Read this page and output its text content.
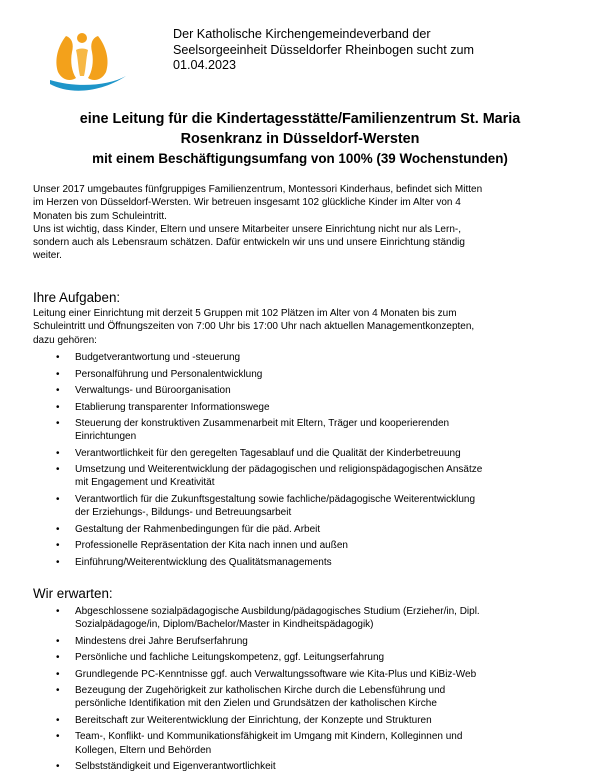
Der Katholische Kirchengemeindeverband der
Seelsorgeeinheit Düsseldorfer Rheinbogen sucht zum
01.04.2023
eine Leitung für die Kindertagesstätte/Familienzentrum St. Maria
Rosenkranz in Düsseldorf-Wersten
mit einem Beschäftigungsumfang von 100% (39 Wochenstunden)
Unser 2017 umgebautes fünfgruppiges Familienzentrum, Montessori Kinderhaus, befindet sich Mitten
im Herzen von Düsseldorf-Wersten. Wir betreuen insgesamt 102 glückliche Kinder im Alter von 4
Monaten bis zum Schuleintritt.
Uns ist wichtig, dass Kinder, Eltern und unsere Mitarbeiter unsere Einrichtung nicht nur als Lern-,
sondern auch als Lebensraum schätzen. Dafür entwickeln wir uns und unsere Einrichtung ständig
weiter.
Ihre Aufgaben:
Leitung einer Einrichtung mit derzeit 5 Gruppen mit 102 Plätzen im Alter von 4 Monaten bis zum
Schuleintritt und Öffnungszeiten von 7:00 Uhr bis 17:00 Uhr nach aktuellen Managementkonzepten,
dazu gehören:
• Budgetverantwortung und -steuerung
• Personalführung und Personalentwicklung
• Verwaltungs- und Büroorganisation
• Etablierung transparenter Informationswege
• Steuerung der konstruktiven Zusammenarbeit mit Eltern, Träger und kooperierenden
Einrichtungen
• Verantwortlichkeit für den geregelten Tagesablauf und die Qualität der Kinderbetreuung
• Umsetzung und Weiterentwicklung der pädagogischen und religionspädagogischen Ansätze
mit Engagement und Kreativität
• Verantwortlich für die Zukunftsgestaltung sowie fachliche/pädagogische Weiterentwicklung
der Erziehungs-, Bildungs- und Betreuungsarbeit
• Gestaltung der Rahmenbedingungen für die päd. Arbeit
• Professionelle Repräsentation der Kita nach innen und außen
• Einführung/Weiterentwicklung des Qualitätsmanagements
Wir erwarten:
• Abgeschlossene sozialpädagogische Ausbildung/pädagogisches Studium (Erzieher/in, Dipl.
Sozialpädagoge/in, Diplom/Bachelor/Master in Kindheitspädagogik)
• Mindestens drei Jahre Berufserfahrung
• Persönliche und fachliche Leitungskompetenz, ggf. Leitungserfahrung
• Grundlegende PC-Kenntnisse ggf. auch Verwaltungssoftware wie Kita-Plus und KiBiz-Web
• Bezeugung der Zugehörigkeit zur katholischen Kirche durch die Lebensführung und
persönliche Identifikation mit den Zielen und Grundsätzen der katholischen Kirche
• Bereitschaft zur Weiterentwicklung der Einrichtung, der Konzepte und Strukturen
• Team-, Konflikt- und Kommunikationsfähigkeit im Umgang mit Kindern, Kolleginnen und
Kollegen, Eltern und Behörden
• Selbstständigkeit und Eigenverantwortlichkeit
